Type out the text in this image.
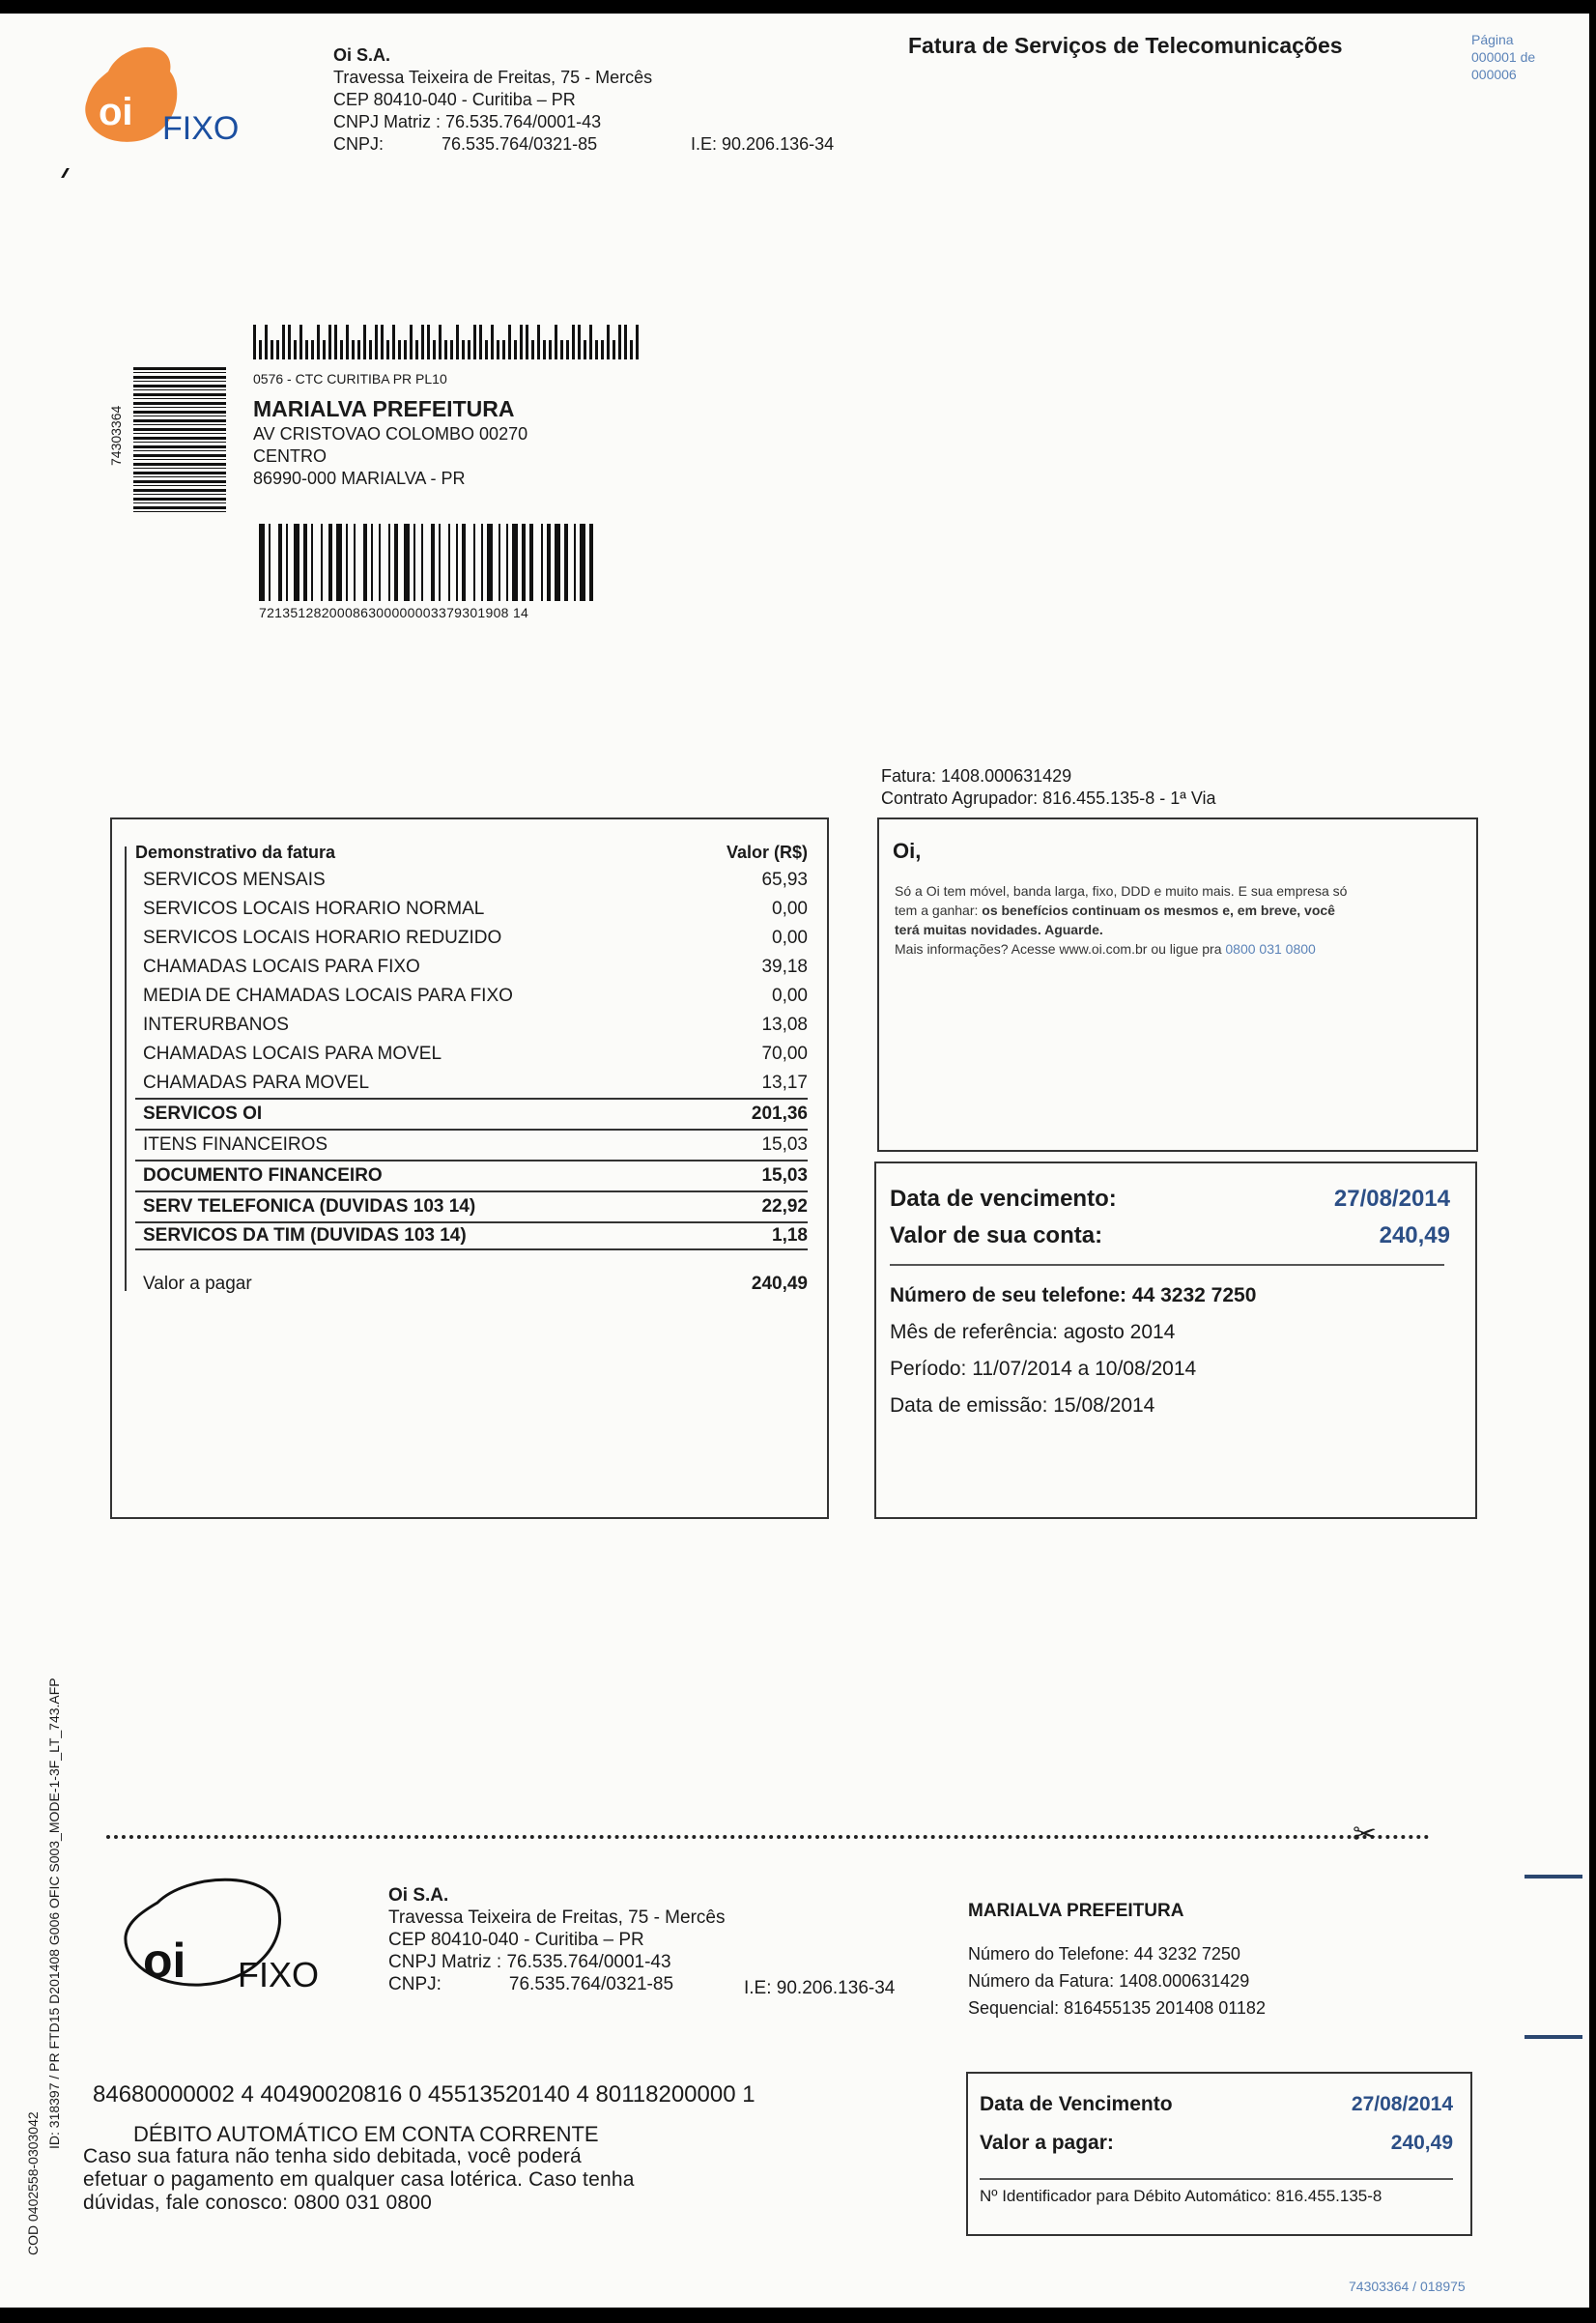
oi FIXO
Oi S.A.
Travessa Teixeira de Freitas, 75 - Mercês
CEP 80410-040 - Curitiba – PR
CNPJ Matriz : 76.535.764/0001-43
CNPJ:	76.535.764/0321-85	I.E: 90.206.136-34
Fatura de Serviços de Telecomunicações	Página
000001 de
000006
74303364
0576 - CTC CURITIBA PR PL10
MARIALVA PREFEITURA
AV CRISTOVAO COLOMBO 00270
CENTRO
86990-000 MARIALVA - PR
72135128200086300000003379301908 14
Fatura: 1408.000631429
Contrato Agrupador: 816.455.135-8 - 1ª Via
Demonstrativo da fatura	Valor (R$)
SERVICOS MENSAIS	65,93
SERVICOS LOCAIS HORARIO NORMAL	0,00
SERVICOS LOCAIS HORARIO REDUZIDO	0,00
CHAMADAS LOCAIS PARA FIXO	39,18
MEDIA DE CHAMADAS LOCAIS PARA FIXO	0,00
INTERURBANOS	13,08
CHAMADAS LOCAIS PARA MOVEL	70,00
CHAMADAS PARA MOVEL	13,17
SERVICOS OI	201,36
ITENS FINANCEIROS	15,03
DOCUMENTO FINANCEIRO	15,03
SERV TELEFONICA (DUVIDAS 103 14)	22,92
SERVICOS DA TIM (DUVIDAS 103 14)	1,18
Valor a pagar	240,49
Oi,
Só a Oi tem móvel, banda larga, fixo, DDD e muito mais. E sua empresa só
tem a ganhar: os benefícios continuam os mesmos e, em breve, você
terá muitas novidades. Aguarde.
Mais informações? Acesse www.oi.com.br ou ligue pra 0800 031 0800
Data de vencimento:	27/08/2014
Valor de sua conta:	240,49
Número de seu telefone: 44 3232 7250
Mês de referência: agosto 2014
Período: 11/07/2014 a 10/08/2014
Data de emissão: 15/08/2014
COD 0402558-0303042
ID: 318397 / PR FTD15 D201408 G006 OFIC S003_MODE-1-3F_LT_743.AFP	✂
oi FIXO
Oi S.A.
Travessa Teixeira de Freitas, 75 - Mercês
CEP 80410-040 - Curitiba – PR
CNPJ Matriz : 76.535.764/0001-43
CNPJ:	76.535.764/0321-85	I.E: 90.206.136-34
MARIALVA PREFEITURA
Número do Telefone: 44 3232 7250
Número da Fatura: 1408.000631429
Sequencial: 816455135 201408 01182
84680000002 4 40490020816 0 45513520140 4 80118200000 1
DÉBITO AUTOMÁTICO EM CONTA CORRENTE
Caso sua fatura não tenha sido debitada, você poderá
efetuar o pagamento em qualquer casa lotérica. Caso tenha
dúvidas, fale conosco: 0800 031 0800
Data de Vencimento	27/08/2014
Valor a pagar:	240,49
Nº Identificador para Débito Automático: 816.455.135-8
74303364 / 018975
